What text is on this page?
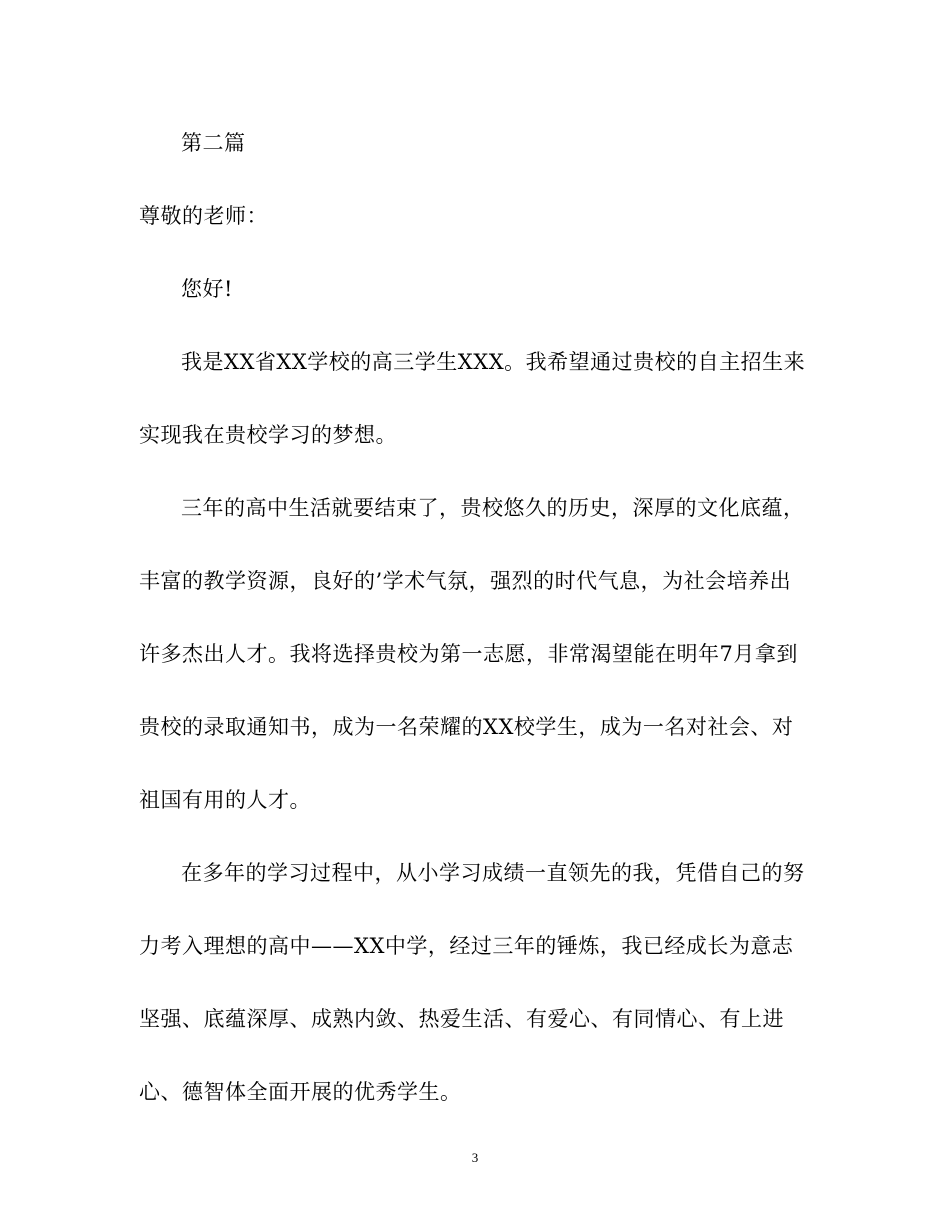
第二篇
尊敬的老师：
您好!
我是XX省XX学校的高三学生XXX。我希望通过贵校的自主招生来
实现我在贵校学习的梦想。
三年的高中生活就要结束了，贵校悠久的历史，深厚的文化底蕴，
丰富的教学资源，良好的’学术气氛，强烈的时代气息，为社会培养出
许多杰出人才。我将选择贵校为第一志愿，非常渴望能在明年7月拿到
贵校的录取通知书，成为一名荣耀的XX校学生，成为一名对社会、对
祖国有用的人才。
在多年的学习过程中，从小学习成绩一直领先的我，凭借自己的努
力考入理想的高中——XX中学，经过三年的锤炼，我已经成长为意志
坚强、底蕴深厚、成熟内敛、热爱生活、有爱心、有同情心、有上进
心、德智体全面开展的优秀学生。
3
